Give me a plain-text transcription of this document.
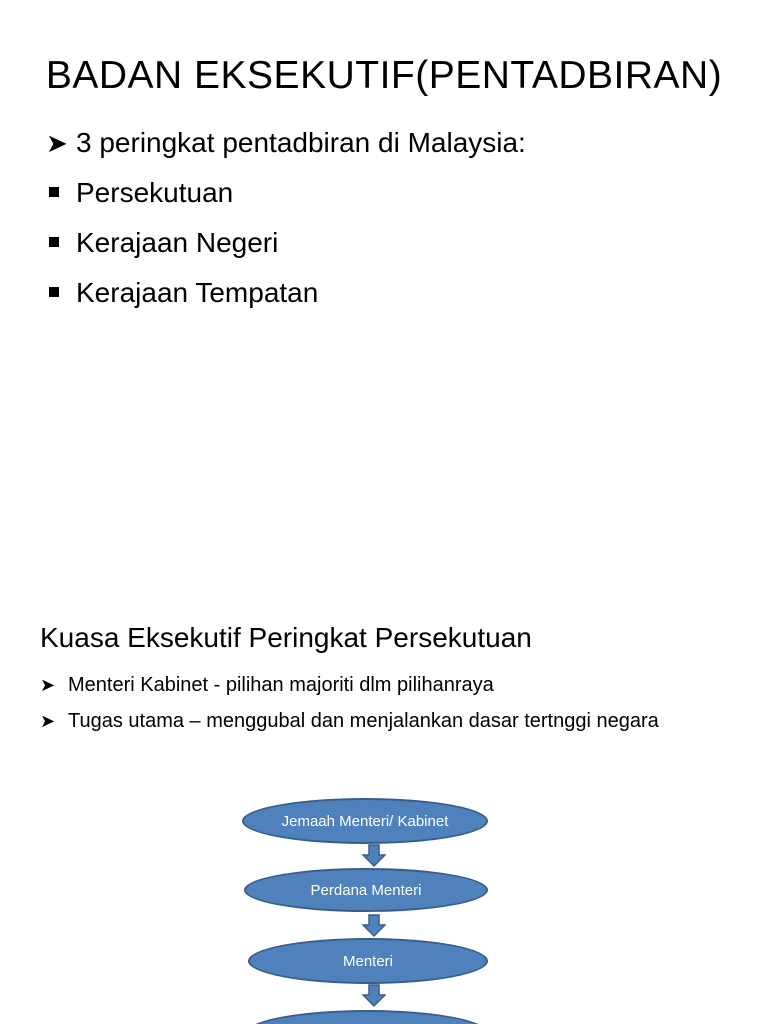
BADAN EKSEKUTIF(PENTADBIRAN)
➤ 3 peringkat pentadbiran di Malaysia:
Persekutuan
Kerajaan Negeri
Kerajaan Tempatan
Kuasa Eksekutif Peringkat Persekutuan
➤ Menteri Kabinet - pilihan majoriti dlm pilihanraya
➤ Tugas utama – menggubal dan menjalankan dasar tertnggi negara
Jemaah Menteri/ Kabinet
Perdana Menteri
Menteri
